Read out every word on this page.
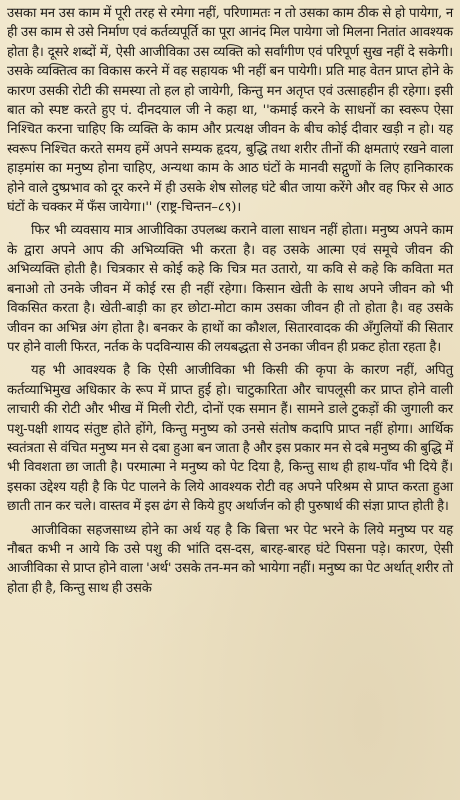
उसका मन उस काम में पूरी तरह से रमेगा नहीं, परिणामतः न तो उसका काम ठीक से हो पायेगा, न ही उस काम से उसे निर्माण एवं कर्तव्यपूर्ति का पूरा आनंद मिल पायेगा जो मिलना नितांत आवश्यक होता है। दूसरे शब्दों में, ऐसी आजीविका उस व्यक्ति को सर्वांगीण एवं परिपूर्ण सुख नहीं दे सकेगी। उसके व्यक्तित्व का विकास करने में वह सहायक भी नहीं बन पायेगी। प्रति माह वेतन प्राप्त होने के कारण उसकी रोटी की समस्या तो हल हो जायेगी, किन्तु मन अतृप्त एवं उत्साहहीन ही रहेगा। इसी बात को स्पष्ट करते हुए पं. दीनदयाल जी ने कहा था, ''कमाई करने के साधनों का स्वरूप ऐसा निश्चित करना चाहिए कि व्यक्ति के काम और प्रत्यक्ष जीवन के बीच कोई दीवार खड़ी न हो। यह स्वरूप निश्चित करते समय हमें अपने सम्यक हृदय, बुद्धि तथा शरीर तीनों की क्षमताएं रखने वाला हाड़मांस का मनुष्य होना चाहिए, अन्यथा काम के आठ घंटों के मानवी सद्गुणों के लिए हानिकारक होने वाले दुष्प्रभाव को दूर करने में ही उसके शेष सोलह घंटे बीत जाया करेंगे और वह फिर से आठ घंटों के चक्कर में फँस जायेगा।'' (राष्ट्र-चिन्तन–८९)।

फिर भी व्यवसाय मात्र आजीविका उपलब्ध कराने वाला साधन नहीं होता। मनुष्य अपने काम के द्वारा अपने आप की अभिव्यक्ति भी करता है। वह उसके आत्मा एवं समूचे जीवन की अभिव्यक्ति होती है। चित्रकार से कोई कहे कि चित्र मत उतारो, या कवि से कहे कि कविता मत बनाओ तो उनके जीवन में कोई रस ही नहीं रहेगा। किसान खेती के साथ अपने जीवन को भी विकसित करता है। खेती-बाड़ी का हर छोटा-मोटा काम उसका जीवन ही तो होता है। वह उसके जीवन का अभिन्न अंग होता है। बनकर के हाथों का कौशल, सितारवादक की अँगुलियों की सितार पर होने वाली फिरत, नर्तक के पदविन्यास की लयबद्धता से उनका जीवन ही प्रकट होता रहता है।

यह भी आवश्यक है कि ऐसी आजीविका भी किसी की कृपा के कारण नहीं, अपितु कर्तव्याभिमुख अधिकार के रूप में प्राप्त हुई हो। चाटुकारिता और चापलूसी कर प्राप्त होने वाली लाचारी की रोटी और भीख में मिली रोटी, दोनों एक समान हैं। सामने डाले टुकड़ों की जुगाली कर पशु-पक्षी शायद संतुष्ट होते होंगे, किन्तु मनुष्य को उनसे संतोष कदापि प्राप्त नहीं होगा। आर्थिक स्वतंत्रता से वंचित मनुष्य मन से दबा हुआ बन जाता है और इस प्रकार मन से दबे मनुष्य की बुद्धि में भी विवशता छा जाती है। परमात्मा ने मनुष्य को पेट दिया है, किन्तु साथ ही हाथ-पाँव भी दिये हैं। इसका उद्देश्य यही है कि पेट पालने के लिये आवश्यक रोटी वह अपने परिश्रम से प्राप्त करता हुआ छाती तान कर चले। वास्तव में इस ढंग से किये हुए अर्थार्जन को ही पुरुषार्थ की संज्ञा प्राप्त होती है।

आजीविका सहजसाध्य होने का अर्थ यह है कि बित्ता भर पेट भरने के लिये मनुष्य पर यह नौबत कभी न आये कि उसे पशु की भांति दस-दस, बारह-बारह घंटे पिसना पड़े। कारण, ऐसी आजीविका से प्राप्त होने वाला 'अर्थ' उसके तन-मन को भायेगा नहीं। मनुष्य का पेट अर्थात् शरीर तो होता ही है, किन्तु साथ ही उसके
